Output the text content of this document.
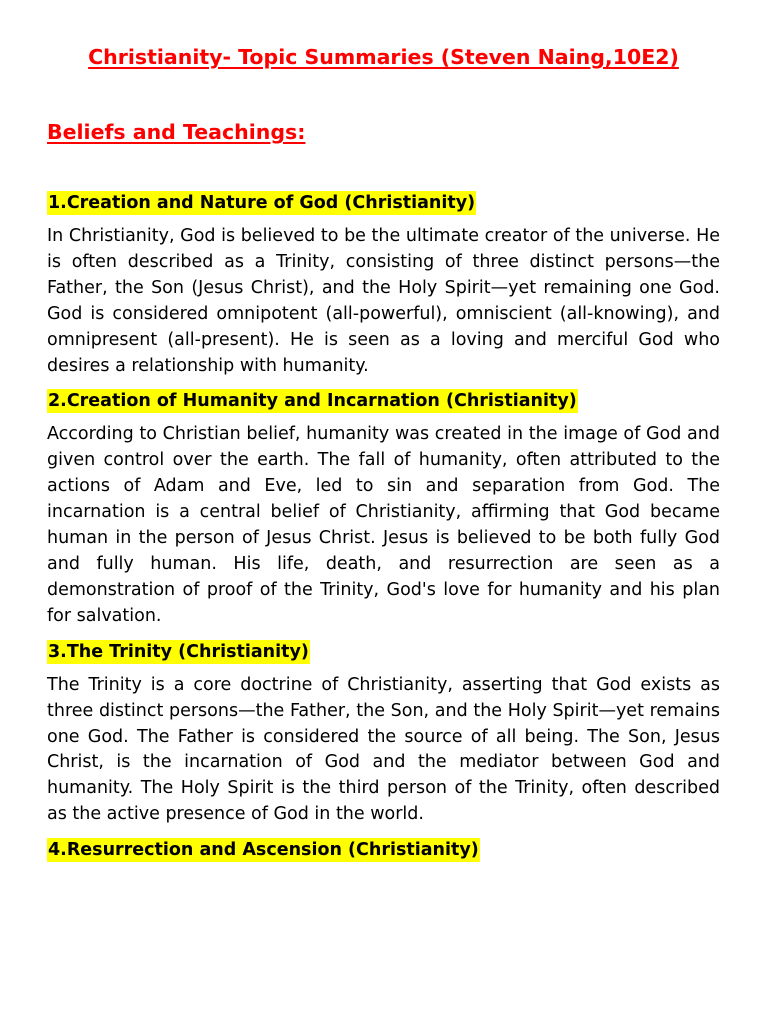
Christianity- Topic Summaries (Steven Naing,10E2)
Beliefs and Teachings:
1.Creation and Nature of God (Christianity)

In Christianity, God is believed to be the ultimate creator of the universe. He is often described as a Trinity, consisting of three distinct persons—the Father, the Son (Jesus Christ), and the Holy Spirit—yet remaining one God. God is considered omnipotent (all-powerful), omniscient (all-knowing), and omnipresent (all-present). He is seen as a loving and merciful God who desires a relationship with humanity.

2.Creation of Humanity and Incarnation (Christianity)

According to Christian belief, humanity was created in the image of God and given control over the earth. The fall of humanity, often attributed to the actions of Adam and Eve, led to sin and separation from God. The incarnation is a central belief of Christianity, affirming that God became human in the person of Jesus Christ. Jesus is believed to be both fully God and fully human. His life, death, and resurrection are seen as a demonstration of proof of the Trinity, God's love for humanity and his plan for salvation.

3.The Trinity (Christianity)

The Trinity is a core doctrine of Christianity, asserting that God exists as three distinct persons—the Father, the Son, and the Holy Spirit—yet remains one God. The Father is considered the source of all being. The Son, Jesus Christ, is the incarnation of God and the mediator between God and humanity. The Holy Spirit is the third person of the Trinity, often described as the active presence of God in the world.

4.Resurrection and Ascension (Christianity)
